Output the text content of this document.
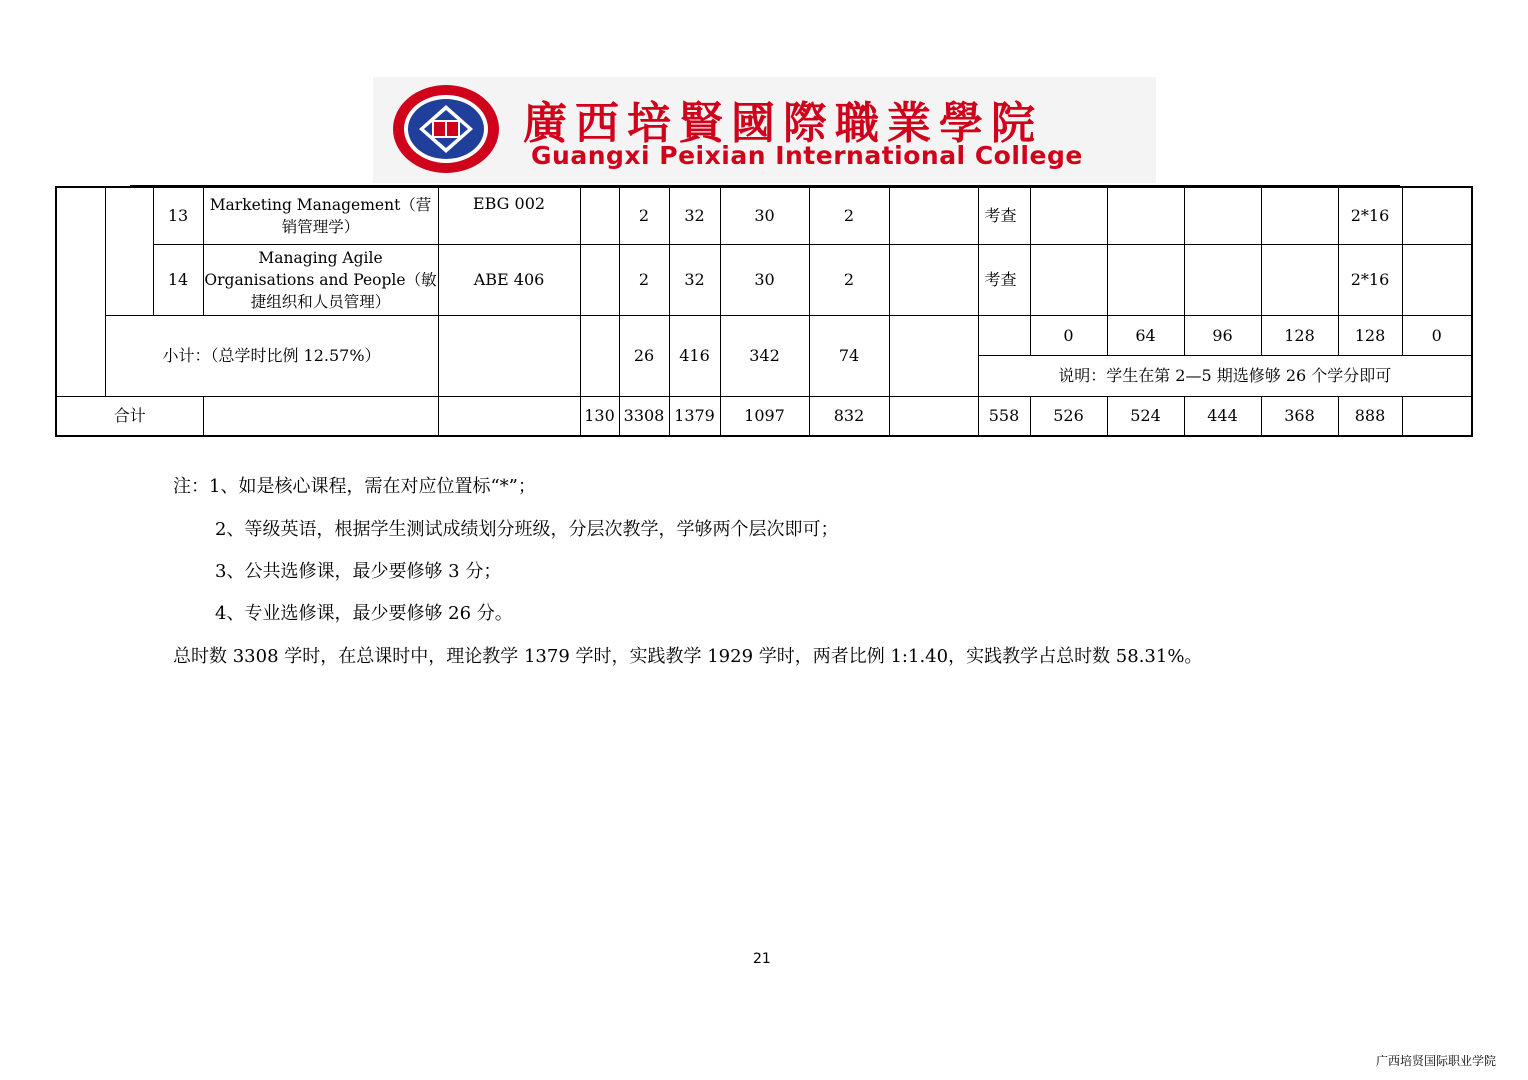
廣西培賢國際職業學院
Guangxi Peixian International College
		13	Marketing Management（营销管理学）	EBG 002		2	32	30	2		考查					2*16	
		14	Managing Agile Organisations and People（敏捷组织和人员管理）	ABE 406		2	32	30	2		考查					2*16	
	小计：（总学时比例 12.57%）					26	416	342	74			0	64	96	128	128	0
											说明：学生在第 2—5 期选修够 26 个学分即可						
合计					130	3308	1379	1097	832		558	526	524	444	368	888	
注：1、如是核心课程，需在对应位置标“*”；
2、等级英语，根据学生测试成绩划分班级，分层次教学，学够两个层次即可；
3、公共选修课，最少要修够 3 分；
4、专业选修课，最少要修够 26 分。
总时数 3308 学时，在总课时中，理论教学 1379 学时，实践教学 1929 学时，两者比例 1:1.40，实践教学占总时数 58.31%。
21
广西培贤国际职业学院
